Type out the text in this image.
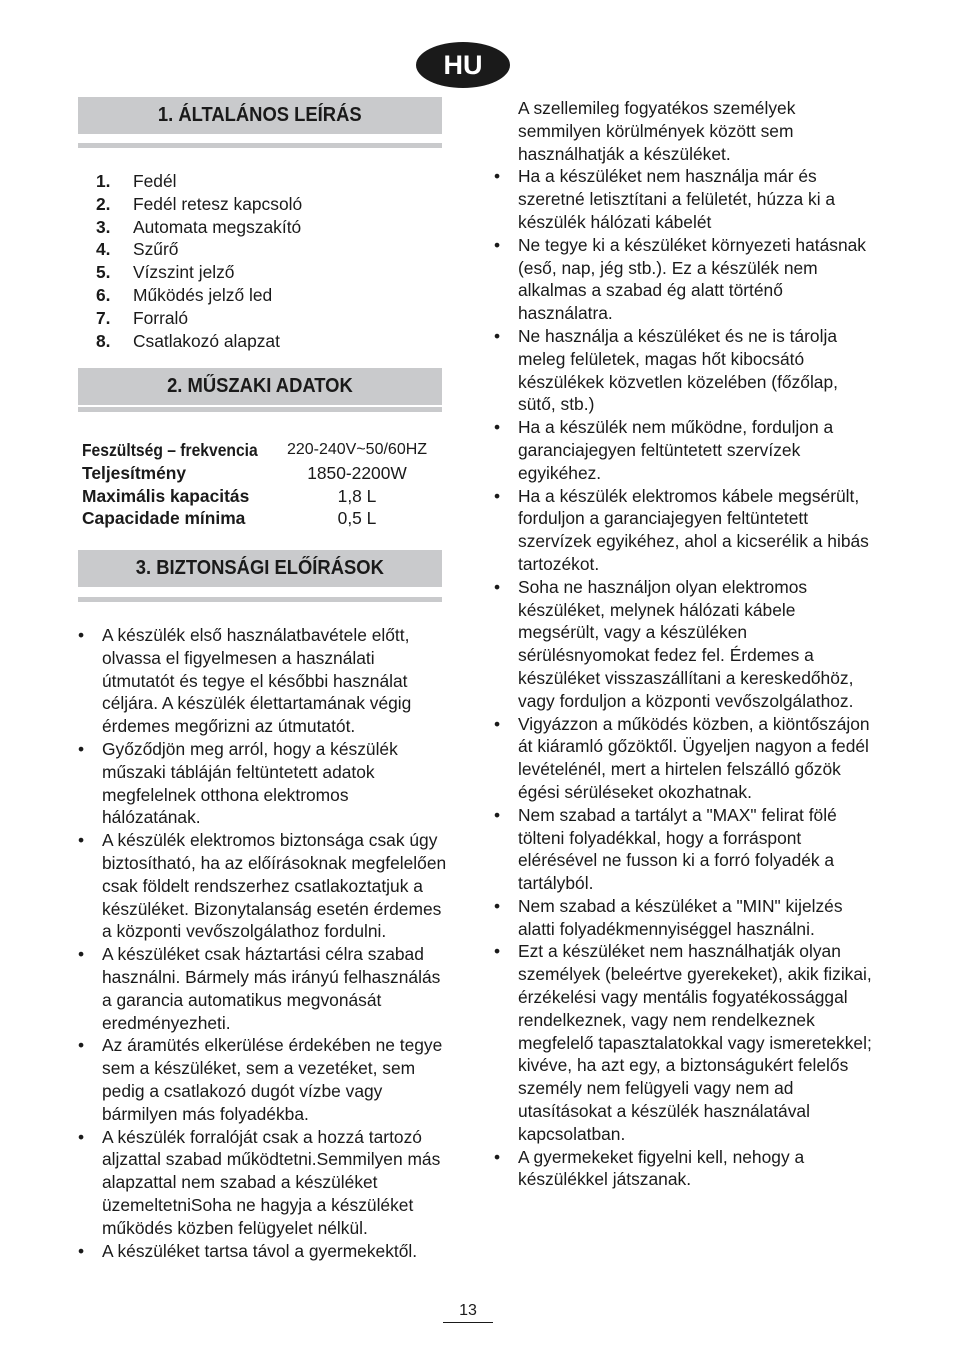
HU
1. ÁLTALÁNOS LEÍRÁS
1.	Fedél
2.	Fedél retesz kapcsoló
3.	Automata megszakító
4.	Szűrő
5.	Vízszint jelző
6.	Működés jelző led
7.	Forraló
8.	Csatlakozó alapzat
2. MŰSZAKI ADATOK
Feszültség – frekvencia	220-240V~50/60HZ
Teljesítmény	1850-2200W
Maximális kapacitás	1,8 L
Capacidade mínima	0,5 L
3. BIZTONSÁGI ELŐÍRÁSOK
• A készülék első használatbavétele előtt, olvassa el figyelmesen a használati útmutatót és tegye el későbbi használat céljára. A készülék élettartamának végig érdemes megőrizni az útmutatót.
• Győződjön meg arról, hogy a készülék műszaki tábláján feltüntetett adatok megfelelnek otthona elektromos hálózatának.
• A készülék elektromos biztonsága csak úgy biztosítható, ha az előírásoknak megfelelően csak földelt rendszerhez csatlakoztatjuk a készüléket. Bizonytalanság esetén érdemes a központi vevőszolgálathoz fordulni.
• A készüléket csak háztartási célra szabad használni. Bármely más irányú felhasználás a garancia automatikus megvonását eredményezheti.
• Az áramütés elkerülése érdekében ne tegye sem a készüléket, sem a vezetéket, sem pedig a csatlakozó dugót vízbe vagy bármilyen más folyadékba.
• A készülék forralóját csak a hozzá tartozó aljzattal szabad működtetni.Semmilyen más alapzattal nem szabad a készüléket üzemeltetniSoha ne hagyja a készüléket működés közben felügyelet nélkül.
• A készüléket tartsa távol a gyermekektől.
A szellemileg fogyatékos személyek semmilyen körülmények között sem használhatják a készüléket.
• Ha a készüléket nem használja már és szeretné letisztítani a felületét, húzza ki a készülék hálózati kábelét
• Ne tegye ki a készüléket környezeti hatásnak (eső, nap, jég stb.). Ez a készülék nem alkalmas a szabad ég alatt történő használatra.
• Ne használja a készüléket és ne is tárolja meleg felületek, magas hőt kibocsátó készülékek közvetlen közelében (főzőlap, sütő, stb.)
• Ha a készülék nem működne, forduljon a garanciajegyen feltüntetett szervízek egyikéhez.
• Ha a készülék elektromos kábele megsérült, forduljon a garanciajegyen feltüntetett szervízek egyikéhez, ahol a kicserélik a hibás tartozékot.
• Soha ne használjon olyan elektromos készüléket, melynek hálózati kábele megsérült, vagy a készüléken sérülésnyomokat fedez fel. Érdemes a készüléket visszaszállítani a kereskedőhöz, vagy forduljon a központi vevőszolgálathoz.
• Vigyázzon a működés közben, a kiöntőszájon át kiáramló gőzöktől. Ügyeljen nagyon a fedél levételénél, mert a hirtelen felszálló gőzök égési sérüléseket okozhatnak.
• Nem szabad a tartályt a "MAX" felirat fölé tölteni folyadékkal, hogy a forráspont elérésével ne fusson ki a forró folyadék a tartályból.
• Nem szabad a készüléket a "MIN" kijelzés alatti folyadékmennyiséggel használni.
• Ezt a készüléket nem használhatják olyan személyek (beleértve gyerekeket), akik fizikai, érzékelési vagy mentális fogyatékossággal rendelkeznek, vagy nem rendelkeznek megfelelő tapasztalatokkal vagy ismeretekkel; kivéve, ha azt egy, a biztonságukért felelős személy nem felügyeli vagy nem ad utasításokat a készülék használatával kapcsolatban.
• A gyermekeket figyelni kell, nehogy a készülékkel játszanak.
13
